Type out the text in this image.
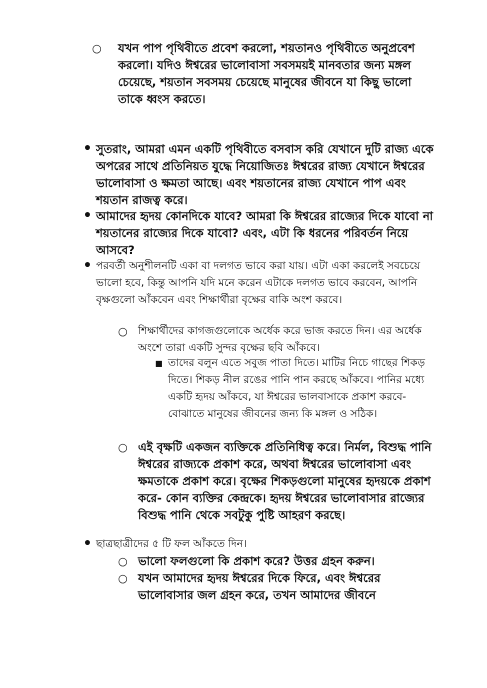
○ যখন পাপ পৃথিবীতে প্রবেশ করলো, শয়তানও পৃথিবীতে অনুপ্রবেশ করলো। যদিও ঈশ্বরের ভালোবাসা সবসময়ই মানবতার জন্য মঙ্গল চেয়েছে, শয়তান সবসময় চেয়েছে মানুষের জীবনে যা কিছু ভালো তাকে ধ্বংস করতে।
• সুতরাং, আমরা এমন একটি পৃথিবীতে বসবাস করি যেখানে দুটি রাজ্য একে অপরের সাথে প্রতিনিয়ত যুদ্ধে নিয়োজিতঃ ঈশ্বরের রাজ্য যেখানে ঈশ্বরের ভালোবাসা ও ক্ষমতা আছে। এবং শয়তানের রাজ্য যেখানে পাপ এবং শয়তান রাজত্ব করে।
• আমাদের হৃদয় কোনদিকে যাবে? আমরা কি ঈশ্বরের রাজ্যের দিকে যাবো না শয়তানের রাজ্যের দিকে যাবো? এবং, এটা কি ধরনের পরিবর্তন নিয়ে আসবে?
• পরবর্তী অনুশীলনটি একা বা দলগত ভাবে করা যায়। এটা একা করলেই সবচেয়ে ভালো হবে, কিন্তু আপনি যদি মনে করেন এটাকে দলগত ভাবে করবেন, আপনি বৃক্ষগুলো আঁকবেন এবং শিক্ষার্থীরা বৃক্ষের বাকি অংশ করবে।
○ শিক্ষার্থীদের কাগজগুলোকে অর্ধেক করে ভাজ করতে দিন। এর অর্ধেক অংশে তারা একটি সুন্দর বৃক্ষের ছবি আঁকবে।
■ তাদের বলুন এতে সবুজ পাতা দিতে। মাটির নিচে গাছের শিকড় দিতে। শিকড় নীল রঙের পানি পান করছে আঁকবে। পানির মধ্যে একটি হৃদয় আঁকবে, যা ঈশ্বরের ভালবাসাকে প্রকাশ করবে- বোঝাতে মানুষের জীবনের জন্য কি মঙ্গল ও সঠিক।
○ এই বৃক্ষটি একজন ব্যক্তিকে প্রতিনিধিত্ব করে। নির্মল, বিশুদ্ধ পানি ঈশ্বরের রাজ্যকে প্রকাশ করে, অথবা ঈশ্বরের ভালোবাসা এবং ক্ষমতাকে প্রকাশ করে। বৃক্ষের শিকড়গুলো মানুষের হৃদয়কে প্রকাশ করে- কোন ব্যক্তির কেন্দ্রকে। হৃদয় ঈশ্বরের ভালোবাসার রাজ্যের বিশুদ্ধ পানি থেকে সবটুকু পুষ্টি আহরণ করছে।
• ছাত্রছাত্রীদের ৫ টি ফল আঁকতে দিন।
○ ভালো ফলগুলো কি প্রকাশ করে? উত্তর গ্রহন করুন।
○ যখন আমাদের হৃদয় ঈশ্বরের দিকে ফিরে, এবং ঈশ্বরের ভালোবাসার জল গ্রহন করে, তখন আমাদের জীবনে
